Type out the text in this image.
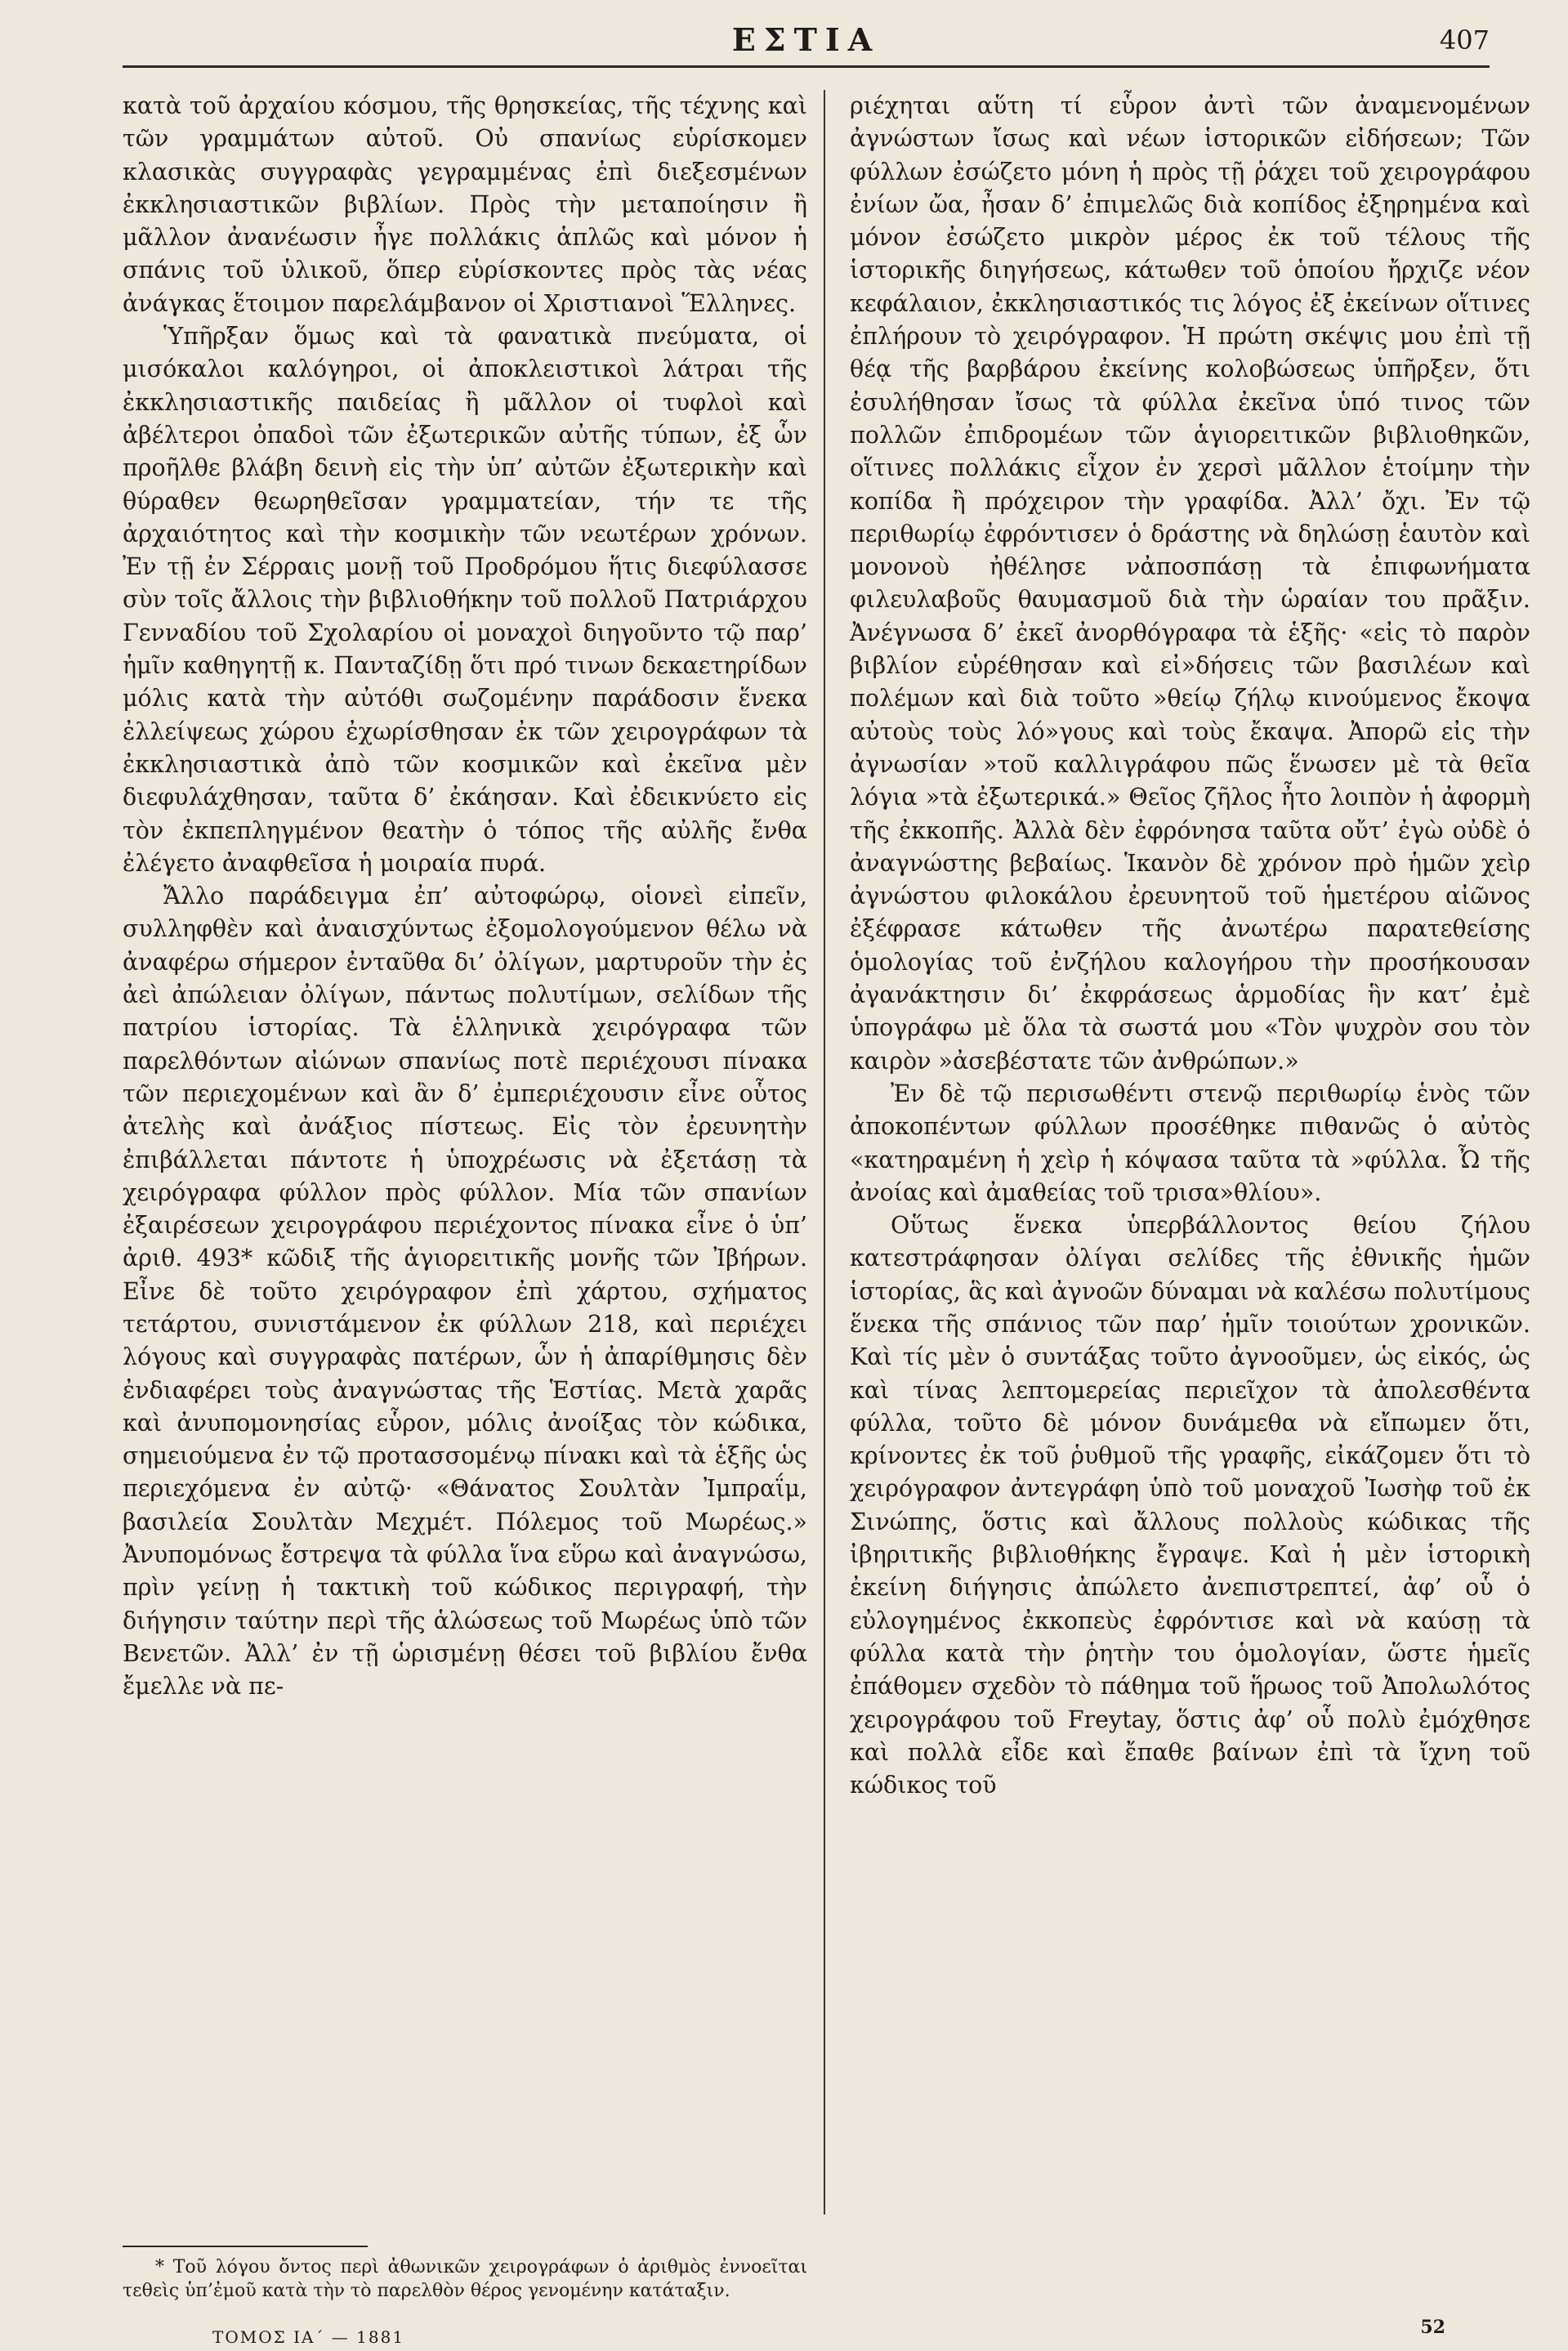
ΕΣΤΙΑ	407

κατὰ τοῦ ἀρχαίου κόσμου, τῆς θρησκείας, τῆς τέχνης καὶ τῶν γραμμάτων αὐτοῦ. Οὐ σπανίως εὑρίσκομεν κλασικὰς συγγραφὰς γεγραμμένας ἐπὶ διεξεσμένων ἐκκλησιαστικῶν βιβλίων. Πρὸς τὴν μεταποίησιν ἢ μᾶλλον ἀνανέωσιν ἦγε πολλάκις ἁπλῶς καὶ μόνον ἡ σπάνις τοῦ ὑλικοῦ, ὅπερ εὑρίσκοντες πρὸς τὰς νέας ἀνάγκας ἕτοιμον παρελάμβανον οἱ Χριστιανοὶ Ἕλληνες.

Ὑπῆρξαν ὅμως καὶ τὰ φανατικὰ πνεύματα, οἱ μισόκαλοι καλόγηροι, οἱ ἀποκλειστικοὶ λάτραι τῆς ἐκκλησιαστικῆς παιδείας ἢ μᾶλλον οἱ τυφλοὶ καὶ ἀβέλτεροι ὀπαδοὶ τῶν ἐξωτερικῶν αὐτῆς τύπων, ἐξ ὧν προῆλθε βλάβη δεινὴ εἰς τὴν ὑπ’ αὐτῶν ἐξωτερικὴν καὶ θύραθεν θεωρηθεῖσαν γραμματείαν, τήν τε τῆς ἀρχαιότητος καὶ τὴν κοσμικὴν τῶν νεωτέρων χρόνων. Ἐν τῇ ἐν Σέρραις μονῇ τοῦ Προδρόμου ἥτις διεφύλασσε σὺν τοῖς ἄλλοις τὴν βιβλιοθήκην τοῦ πολλοῦ Πατριάρχου Γενναδίου τοῦ Σχολαρίου οἱ μοναχοὶ διηγοῦντο τῷ παρ’ ἡμῖν καθηγητῇ κ. Πανταζίδῃ ὅτι πρό τινων δεκαετηρίδων μόλις κατὰ τὴν αὐτόθι σωζομένην παράδοσιν ἕνεκα ἐλλείψεως χώρου ἐχωρίσθησαν ἐκ τῶν χειρογράφων τὰ ἐκκλησιαστικὰ ἀπὸ τῶν κοσμικῶν καὶ ἐκεῖνα μὲν διεφυλάχθησαν, ταῦτα δ’ ἐκάησαν. Καὶ ἐδεικνύετο εἰς τὸν ἐκπεπληγμένον θεατὴν ὁ τόπος τῆς αὐλῆς ἔνθα ἐλέγετο ἀναφθεῖσα ἡ μοιραία πυρά.

Ἄλλο παράδειγμα ἐπ’ αὐτοφώρῳ, οἱονεὶ εἰπεῖν, συλληφθὲν καὶ ἀναισχύντως ἐξομολογούμενον θέλω νὰ ἀναφέρω σήμερον ἐνταῦθα δι’ ὀλίγων, μαρτυροῦν τὴν ἐς ἀεὶ ἀπώλειαν ὀλίγων, πάντως πολυτίμων, σελίδων τῆς πατρίου ἱστορίας. Τὰ ἑλληνικὰ χειρόγραφα τῶν παρελθόντων αἰώνων σπανίως ποτὲ περιέχουσι πίνακα τῶν περιεχομένων καὶ ἂν δ’ ἐμπεριέχουσιν εἶνε οὗτος ἀτελὴς καὶ ἀνάξιος πίστεως. Εἰς τὸν ἐρευνητὴν ἐπιβάλλεται πάντοτε ἡ ὑποχρέωσις νὰ ἐξετάσῃ τὰ χειρόγραφα φύλλον πρὸς φύλλον. Μία τῶν σπανίων ἐξαιρέσεων χειρογράφου περιέχοντος πίνακα εἶνε ὁ ὑπ’ ἀριθ. 493* κῶδιξ τῆς ἁγιορειτικῆς μονῆς τῶν Ἰβήρων. Εἶνε δὲ τοῦτο χειρόγραφον ἐπὶ χάρτου, σχήματος τετάρτου, συνιστάμενον ἐκ φύλλων 218, καὶ περιέχει λόγους καὶ συγγραφὰς πατέρων, ὧν ἡ ἀπαρίθμησις δὲν ἐνδιαφέρει τοὺς ἀναγνώστας τῆς Ἑστίας. Μετὰ χαρᾶς καὶ ἀνυπομονησίας εὗρον, μόλις ἀνοίξας τὸν κώδικα, σημειούμενα ἐν τῷ προτασσομένῳ πίνακι καὶ τὰ ἑξῆς ὡς περιεχόμενα ἐν αὐτῷ· «Θάνατος Σουλτὰν Ἰμπραΐμ, βασιλεία Σουλτὰν Μεχμέτ. Πόλεμος τοῦ Μωρέως.» Ἀνυπομόνως ἔστρεψα τὰ φύλλα ἵνα εὕρω καὶ ἀναγνώσω, πρὶν γείνῃ ἡ τακτικὴ τοῦ κώδικος περιγραφή, τὴν διήγησιν ταύτην περὶ τῆς ἁλώσεως τοῦ Μωρέως ὑπὸ τῶν Βενετῶν. Ἀλλ’ ἐν τῇ ὡρισμένῃ θέσει τοῦ βιβλίου ἔνθα ἔμελλε νὰ πε-

ριέχηται αὕτη τί εὗρον ἀντὶ τῶν ἀναμενομένων ἀγνώστων ἴσως καὶ νέων ἱστορικῶν εἰδήσεων; Τῶν φύλλων ἐσώζετο μόνη ἡ πρὸς τῇ ῥάχει τοῦ χειρογράφου ἐνίων ὤα, ἦσαν δ’ ἐπιμελῶς διὰ κοπίδος ἐξηρημένα καὶ μόνον ἐσώζετο μικρὸν μέρος ἐκ τοῦ τέλους τῆς ἱστορικῆς διηγήσεως, κάτωθεν τοῦ ὁποίου ἤρχιζε νέον κεφάλαιον, ἐκκλησιαστικός τις λόγος ἐξ ἐκείνων οἵτινες ἐπλήρουν τὸ χειρόγραφον. Ἡ πρώτη σκέψις μου ἐπὶ τῇ θέᾳ τῆς βαρβάρου ἐκείνης κολοβώσεως ὑπῆρξεν, ὅτι ἐσυλήθησαν ἴσως τὰ φύλλα ἐκεῖνα ὑπό τινος τῶν πολλῶν ἐπιδρομέων τῶν ἁγιορειτικῶν βιβλιοθηκῶν, οἵτινες πολλάκις εἶχον ἐν χερσὶ μᾶλλον ἑτοίμην τὴν κοπίδα ἢ πρόχειρον τὴν γραφίδα. Ἀλλ’ ὄχι. Ἐν τῷ περιθωρίῳ ἐφρόντισεν ὁ δράστης νὰ δηλώσῃ ἑαυτὸν καὶ μονονοὺ ἠθέλησε νἀποσπάσῃ τὰ ἐπιφωνήματα φιλευλαβοῦς θαυμασμοῦ διὰ τὴν ὡραίαν του πρᾶξιν. Ἀνέγνωσα δ’ ἐκεῖ ἀνορθόγραφα τὰ ἑξῆς· «εἰς τὸ παρὸν βιβλίον εὑρέθησαν καὶ εἰ»δήσεις τῶν βασιλέων καὶ πολέμων καὶ διὰ τοῦτο »θείῳ ζήλῳ κινούμενος ἔκοψα αὐτοὺς τοὺς λό»γους καὶ τοὺς ἔκαψα. Ἀπορῶ εἰς τὴν ἀγνωσίαν »τοῦ καλλιγράφου πῶς ἕνωσεν μὲ τὰ θεῖα λόγια »τὰ ἐξωτερικά.» Θεῖος ζῆλος ἦτο λοιπὸν ἡ ἀφορμὴ τῆς ἐκκοπῆς. Ἀλλὰ δὲν ἐφρόνησα ταῦτα οὔτ’ ἐγὼ οὐδὲ ὁ ἀναγνώστης βεβαίως. Ἱκανὸν δὲ χρόνον πρὸ ἡμῶν χεὶρ ἀγνώστου φιλοκάλου ἐρευνητοῦ τοῦ ἡμετέρου αἰῶνος ἐξέφρασε κάτωθεν τῆς ἀνωτέρω παρατεθείσης ὁμολογίας τοῦ ἐνζήλου καλογήρου τὴν προσήκουσαν ἀγανάκτησιν δι’ ἐκφράσεως ἁρμοδίας ἣν κατ’ ἐμὲ ὑπογράφω μὲ ὅλα τὰ σωστά μου «Τὸν ψυχρὸν σου τὸν καιρὸν »ἀσεβέστατε τῶν ἀνθρώπων.»

Ἐν δὲ τῷ περισωθέντι στενῷ περιθωρίῳ ἑνὸς τῶν ἀποκοπέντων φύλλων προσέθηκε πιθανῶς ὁ αὐτὸς «κατηραμένη ἡ χεὶρ ἡ κόψασα ταῦτα τὰ »φύλλα. Ὦ τῆς ἀνοίας καὶ ἀμαθείας τοῦ τρισα»θλίου».

Οὕτως ἕνεκα ὑπερβάλλοντος θείου ζήλου κατεστράφησαν ὀλίγαι σελίδες τῆς ἐθνικῆς ἡμῶν ἱστορίας, ἃς καὶ ἀγνοῶν δύναμαι νὰ καλέσω πολυτίμους ἕνεκα τῆς σπάνιος τῶν παρ’ ἡμῖν τοιούτων χρονικῶν. Καὶ τίς μὲν ὁ συντάξας τοῦτο ἀγνοοῦμεν, ὡς εἰκός, ὡς καὶ τίνας λεπτομερείας περιεῖχον τὰ ἀπολεσθέντα φύλλα, τοῦτο δὲ μόνον δυνάμεθα νὰ εἴπωμεν ὅτι, κρίνοντες ἐκ τοῦ ῥυθμοῦ τῆς γραφῆς, εἰκάζομεν ὅτι τὸ χειρόγραφον ἀντεγράφη ὑπὸ τοῦ μοναχοῦ Ἰωσὴφ τοῦ ἐκ Σινώπης, ὅστις καὶ ἄλλους πολλοὺς κώδικας τῆς ἰβηριτικῆς βιβλιοθήκης ἔγραψε. Καὶ ἡ μὲν ἱστορικὴ ἐκείνη διήγησις ἀπώλετο ἀνεπιστρεπτεί, ἀφ’ οὗ ὁ εὐλογημένος ἐκκοπεὺς ἐφρόντισε καὶ νὰ καύσῃ τὰ φύλλα κατὰ τὴν ῥητὴν του ὁμολογίαν, ὥστε ἡμεῖς ἐπάθομεν σχεδὸν τὸ πάθημα τοῦ ἥρωος τοῦ Ἀπολωλότος χειρογράφου τοῦ Freytay, ὅστις ἀφ’ οὗ πολὺ ἐμόχθησε καὶ πολλὰ εἶδε καὶ ἔπαθε βαίνων ἐπὶ τὰ ἴχνη τοῦ κώδικος τοῦ

* Τοῦ λόγου ὄντος περὶ ἀθωνικῶν χειρογράφων ὁ ἀριθμὸς ἐννοεῖται τεθεὶς ὑπ’ἐμοῦ κατὰ τὴν τὸ παρελθὸν θέρος γενομένην κατάταξιν.

ΤΟΜΟΣ ΙΑ΄ — 1881	52
